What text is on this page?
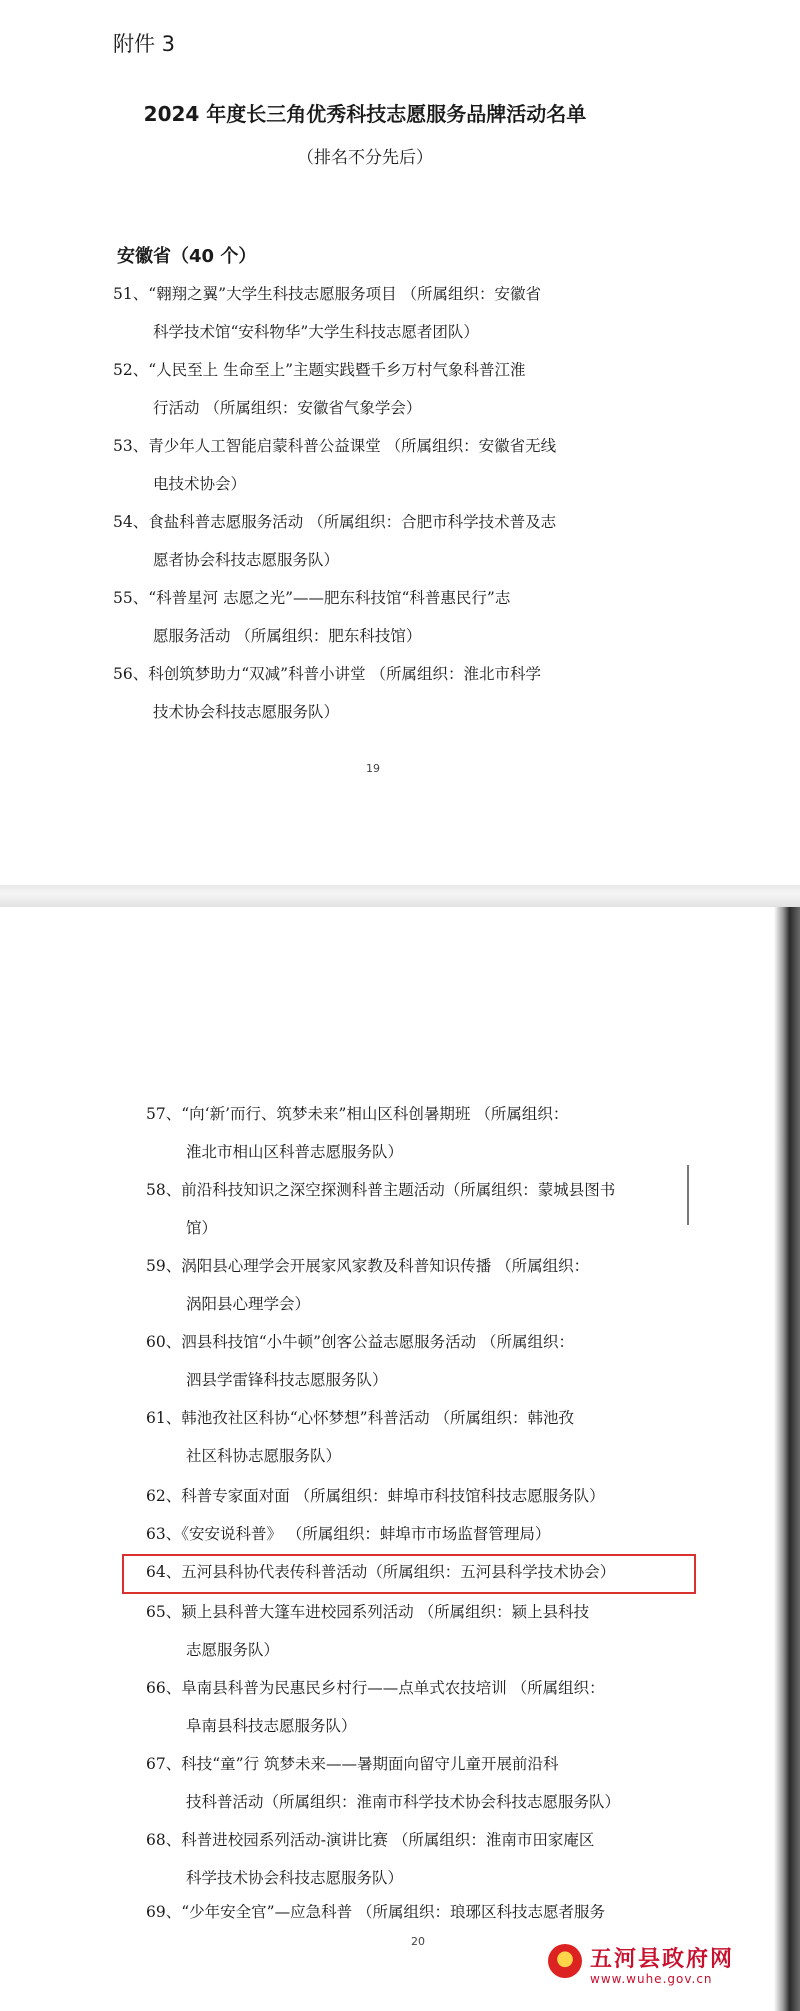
附件 3
2024 年度长三角优秀科技志愿服务品牌活动名单
（排名不分先后）
安徽省（40 个）
51、“翱翔之翼”大学生科技志愿服务项目 （所属组织：安徽省
科学技术馆“安科物华”大学生科技志愿者团队）
52、“人民至上 生命至上”主题实践暨千乡万村气象科普江淮
行活动 （所属组织：安徽省气象学会）
53、青少年人工智能启蒙科普公益课堂 （所属组织：安徽省无线
电技术协会）
54、食盐科普志愿服务活动 （所属组织：合肥市科学技术普及志
愿者协会科技志愿服务队）
55、“科普星河 志愿之光”——肥东科技馆“科普惠民行”志
愿服务活动 （所属组织：肥东科技馆）
56、科创筑梦助力“双减”科普小讲堂 （所属组织：淮北市科学
技术协会科技志愿服务队）
19
57、“向‘新’而行、筑梦未来”相山区科创暑期班 （所属组织：
淮北市相山区科普志愿服务队）
58、前沿科技知识之深空探测科普主题活动（所属组织：蒙城县图书
馆）
59、涡阳县心理学会开展家风家教及科普知识传播 （所属组织：
涡阳县心理学会）
60、泗县科技馆“小牛顿”创客公益志愿服务活动 （所属组织：
泗县学雷锋科技志愿服务队）
61、韩池孜社区科协“心怀梦想”科普活动 （所属组织：韩池孜
社区科协志愿服务队）
62、科普专家面对面 （所属组织：蚌埠市科技馆科技志愿服务队）
63、《安安说科普》 （所属组织：蚌埠市市场监督管理局）
64、五河县科协代表传科普活动（所属组织：五河县科学技术协会）
65、颍上县科普大篷车进校园系列活动 （所属组织：颍上县科技
志愿服务队）
66、阜南县科普为民惠民乡村行——点单式农技培训 （所属组织：
阜南县科技志愿服务队）
67、科技“童”行 筑梦未来——暑期面向留守儿童开展前沿科
技科普活动（所属组织：淮南市科学技术协会科技志愿服务队）
68、科普进校园系列活动-演讲比赛 （所属组织：淮南市田家庵区
科学技术协会科技志愿服务队）
69、“少年安全官”—应急科普 （所属组织：琅琊区科技志愿者服务
20
五河县政府网
www.wuhe.gov.cn
